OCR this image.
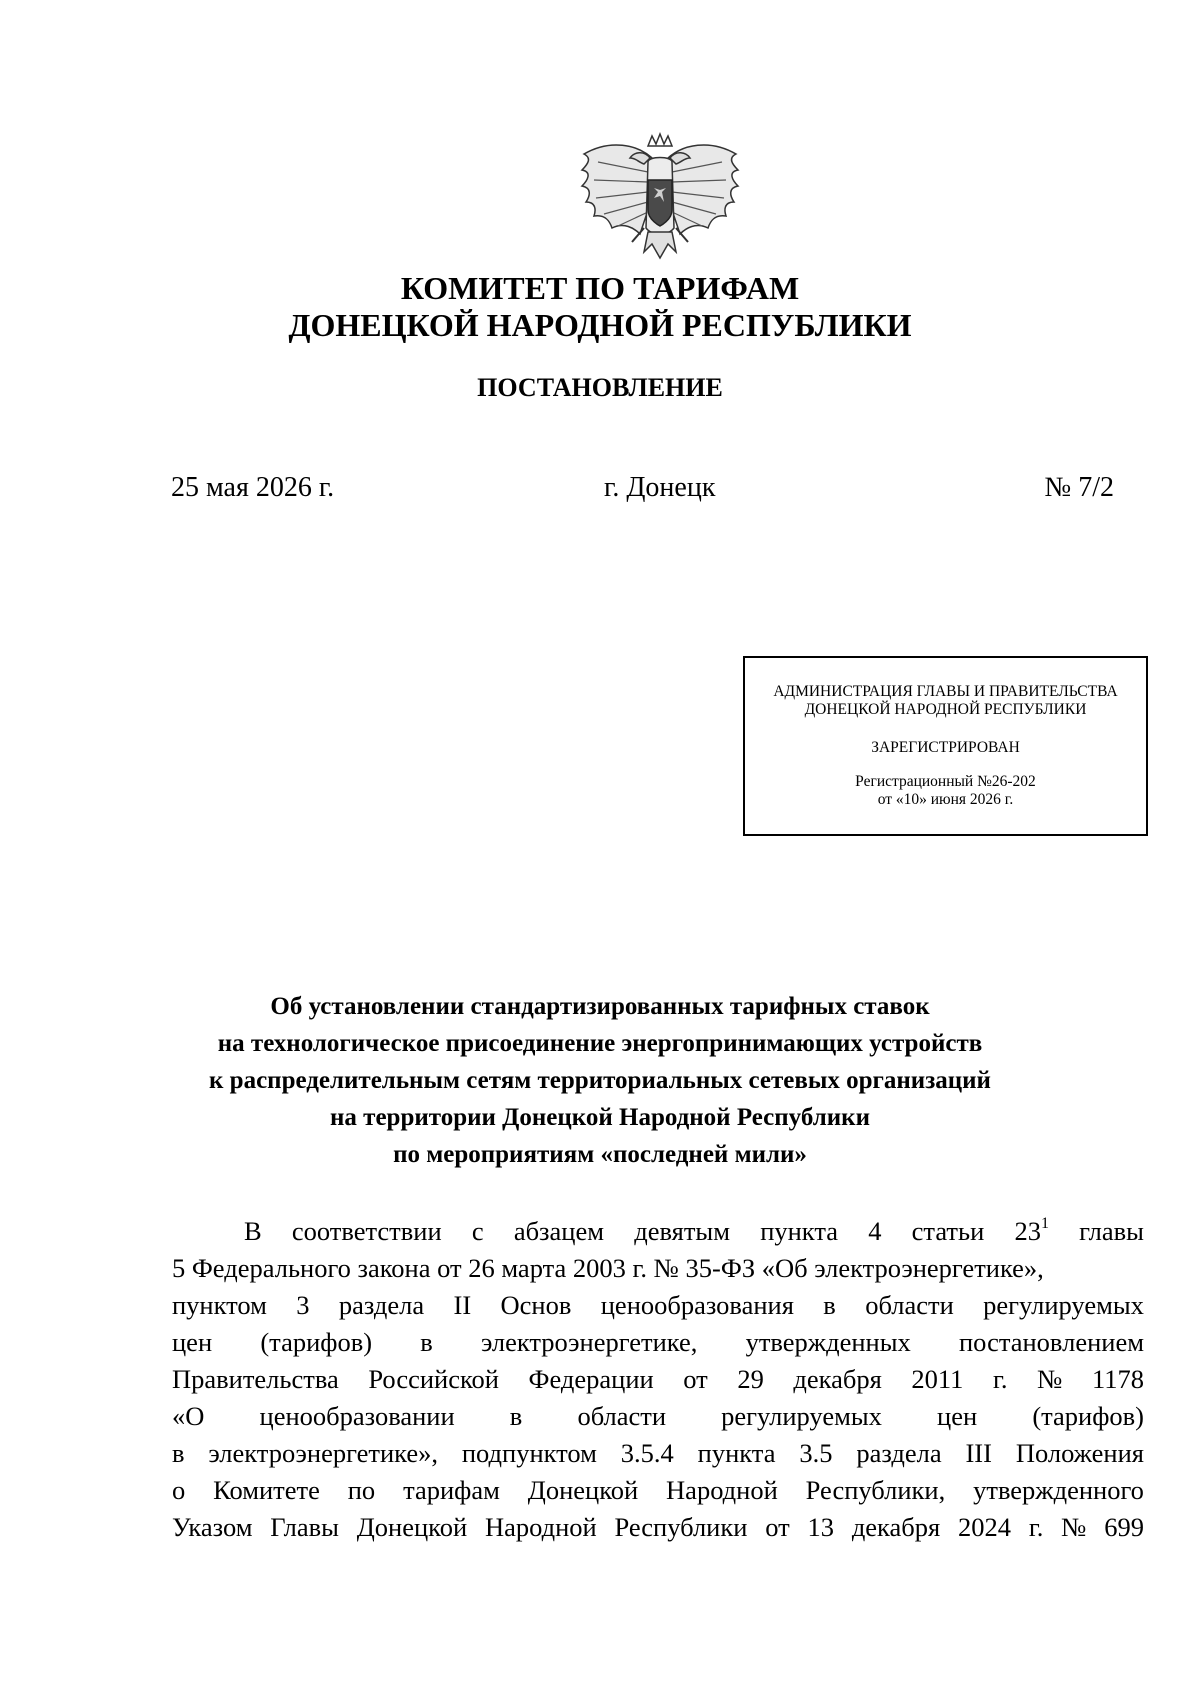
КОМИТЕТ ПО ТАРИФАМ
ДОНЕЦКОЙ НАРОДНОЙ РЕСПУБЛИКИ
ПОСТАНОВЛЕНИЕ
25 мая 2026 г.	г. Донецк	№ 7/2
АДМИНИСТРАЦИЯ ГЛАВЫ И ПРАВИТЕЛЬСТВА
ДОНЕЦКОЙ НАРОДНОЙ РЕСПУБЛИКИ
ЗАРЕГИСТРИРОВАН
Регистрационный №26-202
от «10» июня 2026 г.
Об установлении стандартизированных тарифных ставок
на технологическое присоединение энергопринимающих устройств
к распределительным сетям территориальных сетевых организаций
на территории Донецкой Народной Республики
по мероприятиям «последней мили»
В соответствии с абзацем девятым пункта 4 статьи $23^1$ главы
5 Федерального закона от 26 марта 2003 г. № 35-ФЗ «Об электроэнергетике»,
пунктом 3 раздела II Основ ценообразования в области регулируемых
цен (тарифов) в электроэнергетике, утвержденных постановлением
Правительства Российской Федерации от 29 декабря 2011 г. № 1178
«О ценообразовании в области регулируемых цен (тарифов)
в электроэнергетике», подпунктом 3.5.4 пункта 3.5 раздела III Положения
о Комитете по тарифам Донецкой Народной Республики, утвержденного
Указом Главы Донецкой Народной Республики от 13 декабря 2024 г. № 699
